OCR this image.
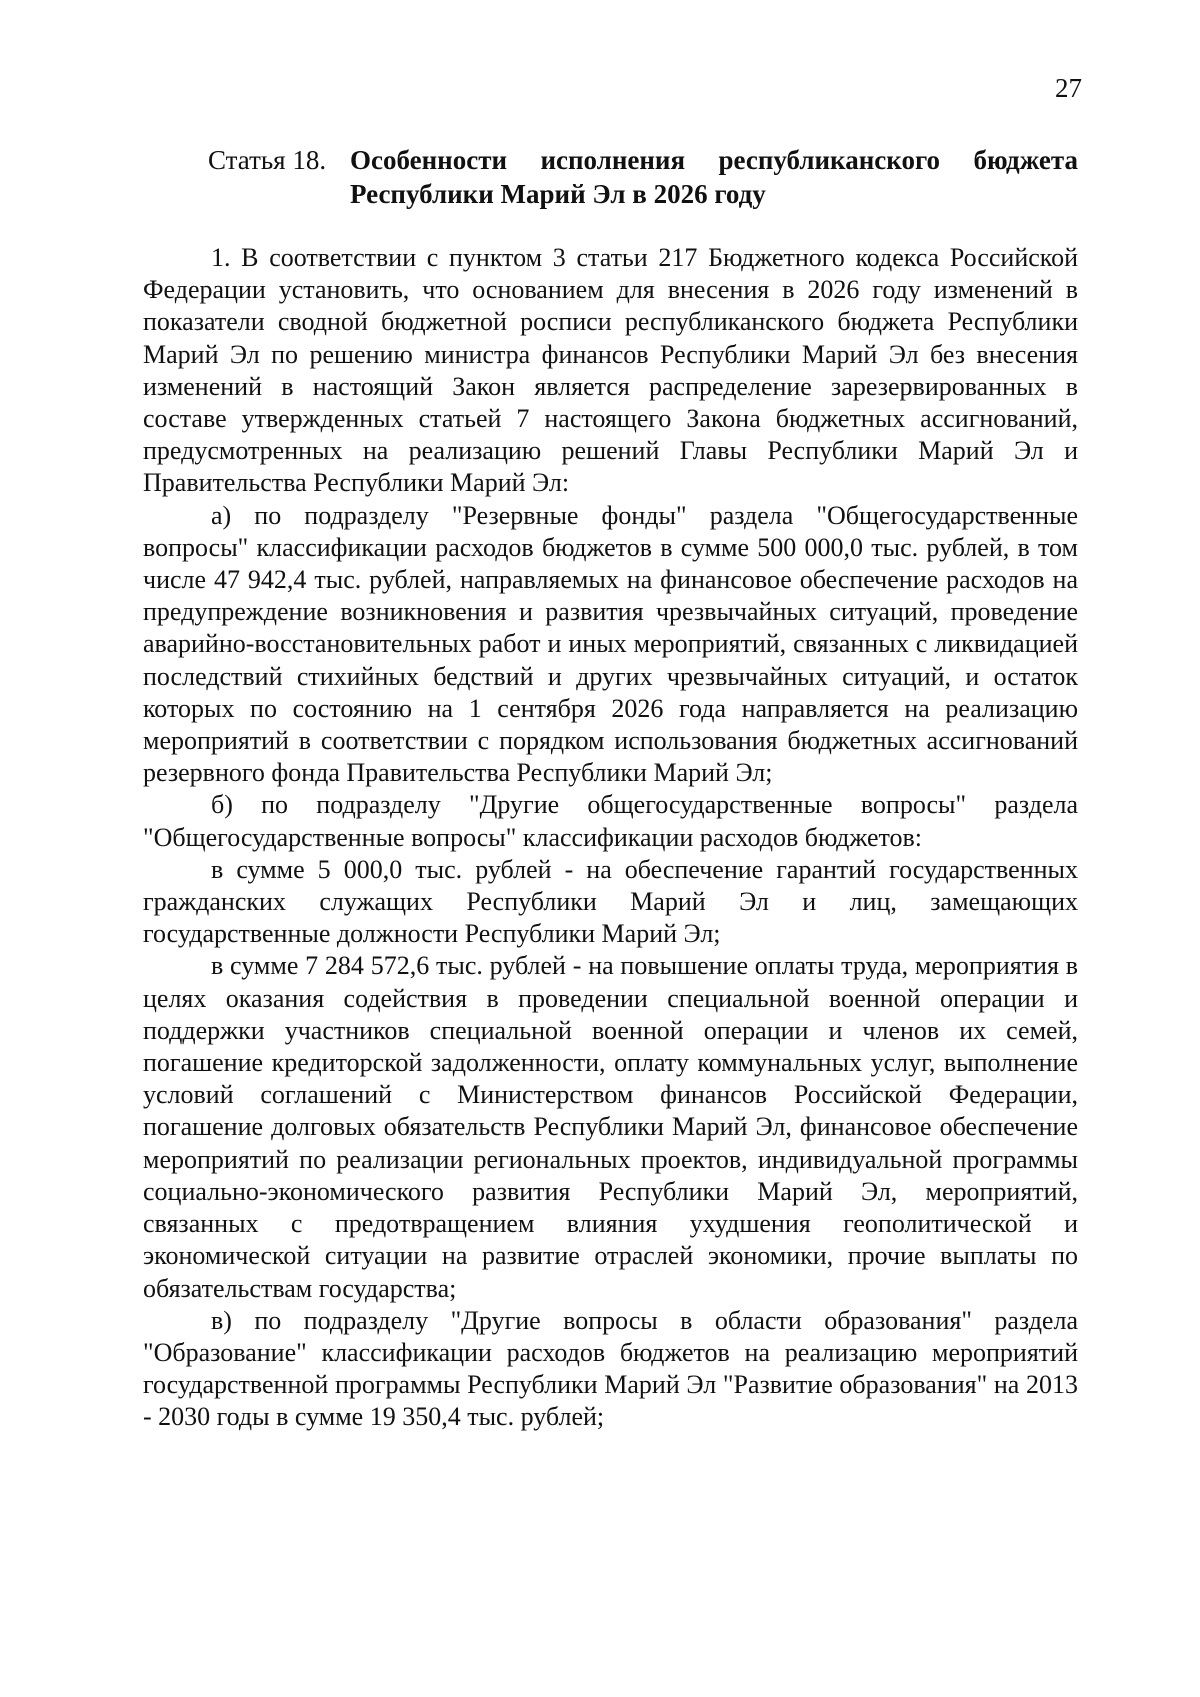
27
Статья 18. Особенности исполнения республиканского бюджета Республики Марий Эл в 2026 году

1. В соответствии с пунктом 3 статьи 217 Бюджетного кодекса Российской Федерации установить, что основанием для внесения в 2026 году изменений в показатели сводной бюджетной росписи республиканского бюджета Республики Марий Эл по решению министра финансов Республики Марий Эл без внесения изменений в настоящий Закон является распределение зарезервированных в составе утвержденных статьей 7 настоящего Закона бюджетных ассигнований, предусмотренных на реализацию решений Главы Республики Марий Эл и Правительства Республики Марий Эл:

а) по подразделу "Резервные фонды" раздела "Общегосударственные вопросы" классификации расходов бюджетов в сумме 500 000,0 тыс. рублей, в том числе 47 942,4 тыс. рублей, направляемых на финансовое обеспечение расходов на предупреждение возникновения и развития чрезвычайных ситуаций, проведение аварийно-восстановительных работ и иных мероприятий, связанных с ликвидацией последствий стихийных бедствий и других чрезвычайных ситуаций, и остаток которых по состоянию на 1 сентября 2026 года направляется на реализацию мероприятий в соответствии с порядком использования бюджетных ассигнований резервного фонда Правительства Республики Марий Эл;

б) по подразделу "Другие общегосударственные вопросы" раздела "Общегосударственные вопросы" классификации расходов бюджетов:

в сумме 5 000,0 тыс. рублей - на обеспечение гарантий государственных гражданских служащих Республики Марий Эл и лиц, замещающих государственные должности Республики Марий Эл;

в сумме 7 284 572,6 тыс. рублей - на повышение оплаты труда, мероприятия в целях оказания содействия в проведении специальной военной операции и поддержки участников специальной военной операции и членов их семей, погашение кредиторской задолженности, оплату коммунальных услуг, выполнение условий соглашений с Министерством финансов Российской Федерации, погашение долговых обязательств Республики Марий Эл, финансовое обеспечение мероприятий по реализации региональных проектов, индивидуальной программы социально-экономического развития Республики Марий Эл, мероприятий, связанных с предотвращением влияния ухудшения геополитической и экономической ситуации на развитие отраслей экономики, прочие выплаты по обязательствам государства;

в) по подразделу "Другие вопросы в области образования" раздела "Образование" классификации расходов бюджетов на реализацию мероприятий государственной программы Республики Марий Эл "Развитие образования" на 2013 - 2030 годы в сумме 19 350,4 тыс. рублей;
